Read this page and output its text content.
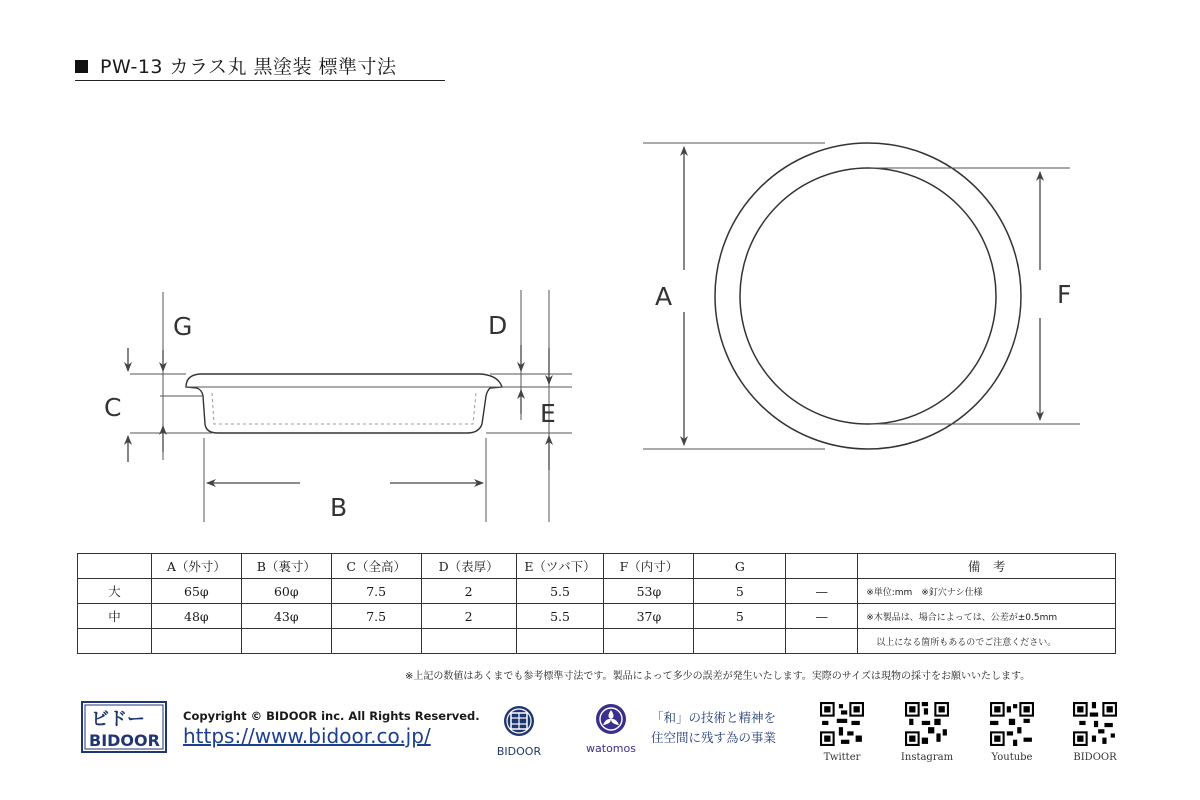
PW-13 カラス丸 黒塗装 標準寸法
A	F
B
C
G	D
E
	A（外寸）	B（裏寸）	C（全高）	D（表厚）	E（ツバ下）	F（内寸）	G		備　考
大	65φ	60φ	7.5	2	5.5	53φ	5	—	※単位:mm　※釘穴ナシ仕様
中	48φ	43φ	7.5	2	5.5	37φ	5	—	※木製品は、場合によっては、公差が±0.5mm
									以上になる箇所もあるのでご注意ください。
※上記の数値はあくまでも参考標準寸法です。製品によって多少の誤差が発生いたします。実際のサイズは現物の採寸をお願いいたします。
ビドー
BIDOOR
Copyright © BIDOOR inc. All Rights Reserved.
https://www.bidoor.co.jp/
BIDOOR	watomos
「和」の技術と精神を
住空間に残す為の事業
Twitter	Instagram	Youtube	BIDOOR
